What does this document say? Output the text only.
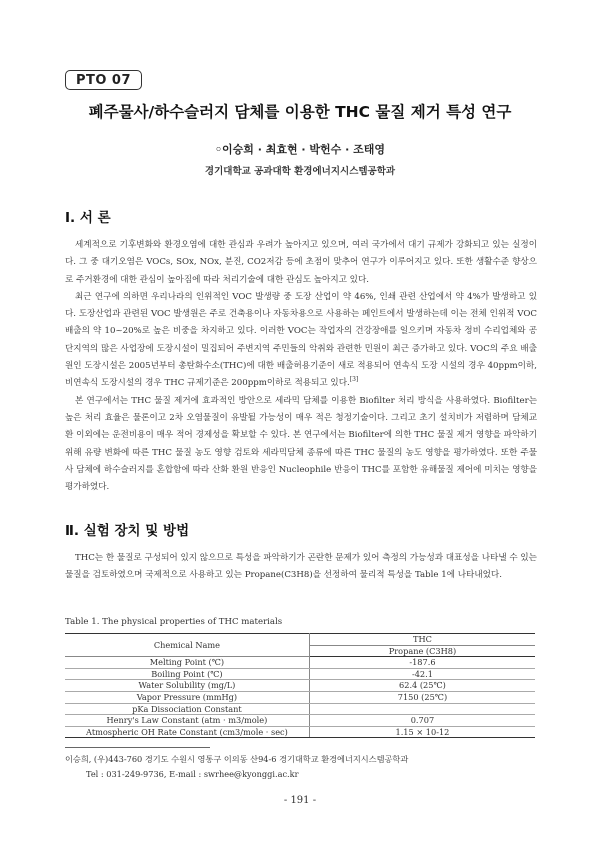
PTO 07
폐주물사/하수슬러지 담체를 이용한 THC 물질 제거 특성 연구
◦이승희 · 최효현 · 박헌수 · 조태영
경기대학교 공과대학 환경에너지시스템공학과
Ⅰ. 서 론

세계적으로 기후변화와 환경오염에 대한 관심과 우려가 높아지고 있으며, 여러 국가에서 대기 규제가 강화되고 있는 실정이다. 그 중 대기오염은 VOCs, SOx, NOx, 분진, CO2저감 등에 초점이 맞추어 연구가 이루어지고 있다. 또한 생활수준 향상으로 주거환경에 대한 관심이 높아짐에 따라 처리기술에 대한 관심도 높아지고 있다.

최근 연구에 의하면 우리나라의 인위적인 VOC 발생량 중 도장 산업이 약 46%, 인쇄 관련 산업에서 약 4%가 발생하고 있다. 도장산업과 관련된 VOC 발생원은 주로 건축용이나 자동차용으로 사용하는 페인트에서 발생하는데 이는 전체 인위적 VOC배출의 약 10~20%로 높은 비중을 차지하고 있다. 이러한 VOC는 작업자의 건강장애를 일으키며 자동차 정비 수리업체와 공단지역의 많은 사업장에 도장시설이 밀집되어 주변지역 주민들의 악취와 관련한 민원이 최근 증가하고 있다. VOC의 주요 배출원인 도장시설은 2005년부터 총탄화수소(THC)에 대한 배출허용기준이 새로 적용되어 연속식 도장 시설의 경우 40ppm이하, 비연속식 도장시설의 경우 THC 규제기준은 200ppm이하로 적용되고 있다.[3]

본 연구에서는 THC 물질 제거에 효과적인 방안으로 세라믹 담체를 이용한 Biofilter 처리 방식을 사용하였다. Biofilter는 높은 처리 효율은 물론이고 2차 오염물질이 유발될 가능성이 매우 적은 청정기술이다. 그리고 초기 설치비가 저렴하며 담체교환 이외에는 운전비용이 매우 적어 경제성을 확보할 수 있다. 본 연구에서는 Biofilter에 의한 THC 물질 제거 영향을 파악하기 위해 유량 변화에 따른 THC 물질 농도 영향 검토와 세라믹담체 종류에 따른 THC 물질의 농도 영향을 평가하였다. 또한 주물사 담체에 하수슬러지를 혼합함에 따라 산화 환원 반응인 Nucleophile 반응이 THC를 포함한 유해물질 제어에 미치는 영향을 평가하였다.

Ⅱ. 실험 장치 및 방법

THC는 한 물질로 구성되어 있지 않으므로 특성을 파악하기가 곤란한 문제가 있어 측정의 가능성과 대표성을 나타낼 수 있는 물질을 검토하였으며 국제적으로 사용하고 있는 Propane(C3H8)을 선정하여 물리적 특성을 Table 1에 나타내었다.

Table 1. The physical properties of THC materials
Chemical Name	THC
	Propane (C3H8)
Melting Point (℃)	-187.6
Boiling Point (℃)	-42.1
Water Solubility (mg/L)	62.4 (25℃)
Vapor Pressure (mmHg)	7150 (25℃)
pKa Dissociation Constant	
Henry's Law Constant (atm · m3/mole)	0.707
Atmospheric OH Rate Constant (cm3/mole · sec)	1.15 × 10-12
이승희, (우)443-760 경기도 수원시 영통구 이의동 산94-6 경기대학교 환경에너지시스템공학과
Tel : 031-249-9736, E-mail : swrhee@kyonggi.ac.kr
- 191 -
